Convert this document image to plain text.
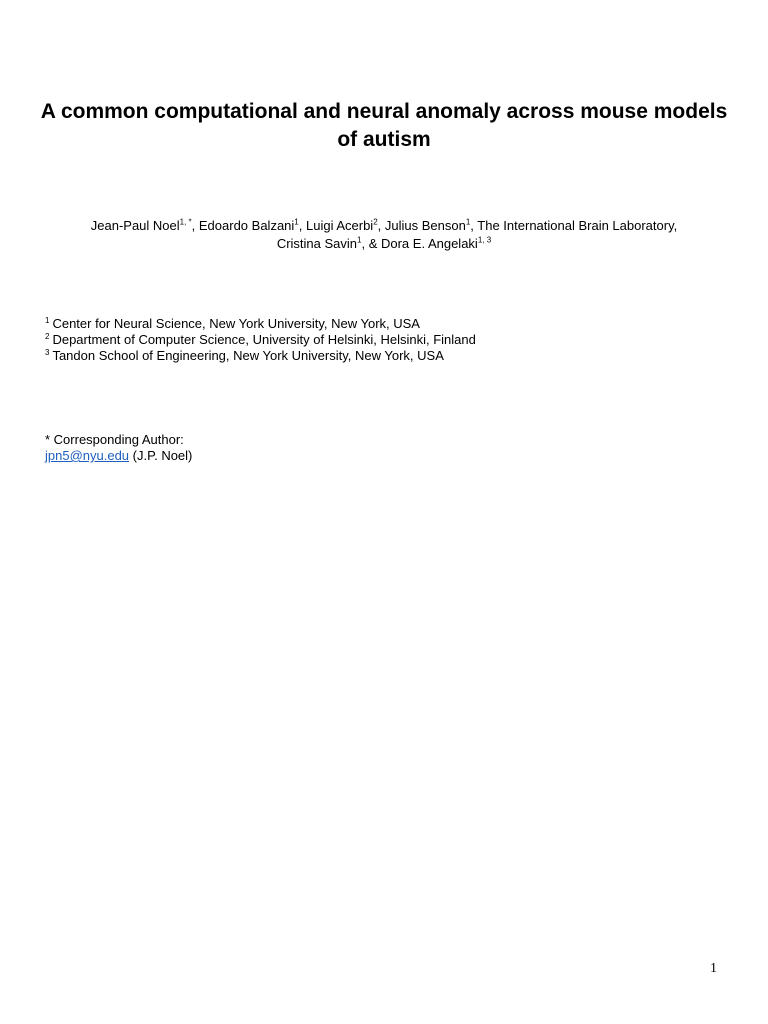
A common computational and neural anomaly across mouse models of autism
Jean-Paul Noel$^{1, *}$, Edoardo Balzani$^1$, Luigi Acerbi$^2$, Julius Benson$^1$, The International Brain Laboratory,
Cristina Savin$^1$, & Dora E. Angelaki$^{1, 3}$
$^1$ Center for Neural Science, New York University, New York, USA
$^2$ Department of Computer Science, University of Helsinki, Helsinki, Finland
$^3$ Tandon School of Engineering, New York University, New York, USA
* Corresponding Author:
jpn5@nyu.edu (J.P. Noel)
1
